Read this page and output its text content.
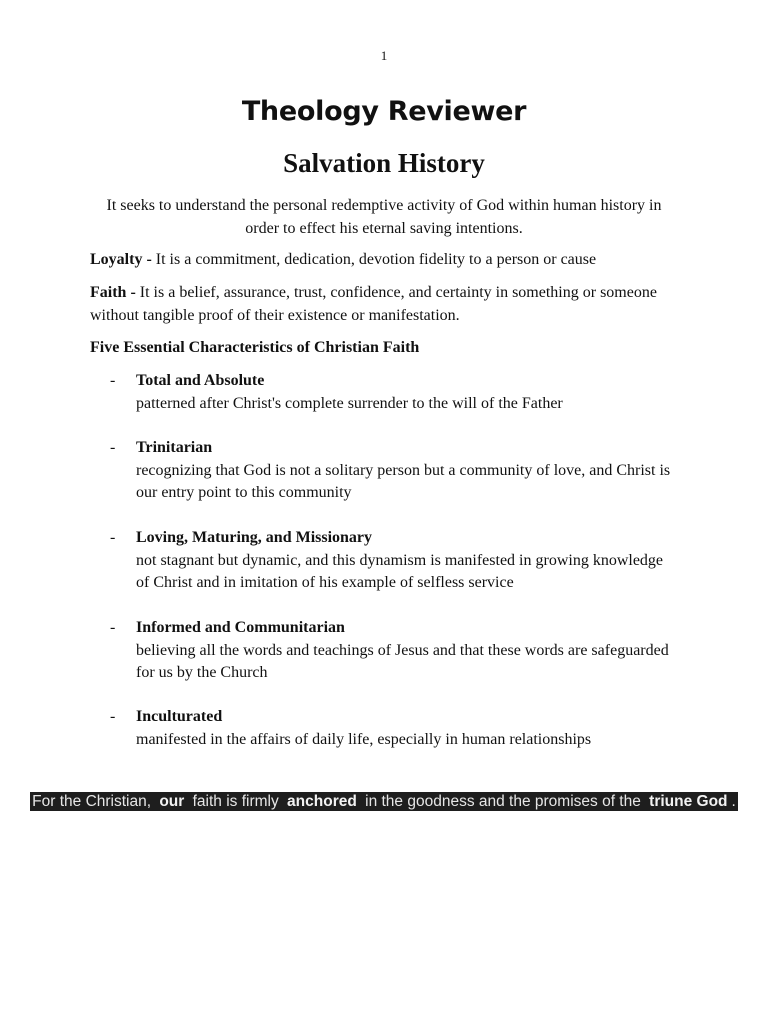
1
Theology Reviewer
Salvation History

It seeks to understand the personal redemptive activity of God within human history in order to effect his eternal saving intentions.

Loyalty - It is a commitment, dedication, devotion fidelity to a person or cause

Faith - It is a belief, assurance, trust, confidence, and certainty in something or someone without tangible proof of their existence or manifestation.

Five Essential Characteristics of Christian Faith

- Total and Absolute
patterned after Christ's complete surrender to the will of the Father
- Trinitarian
recognizing that God is not a solitary person but a community of love, and Christ is our entry point to this community
- Loving, Maturing, and Missionary
not stagnant but dynamic, and this dynamism is manifested in growing knowledge of Christ and in imitation of his example of selfless service
- Informed and Communitarian
believing all the words and teachings of Jesus and that these words are safeguarded for us by the Church
- Inculturated
manifested in the affairs of daily life, especially in human relationships
For the Christian, our faith is firmly anchored in the goodness and the promises of the triune God .
